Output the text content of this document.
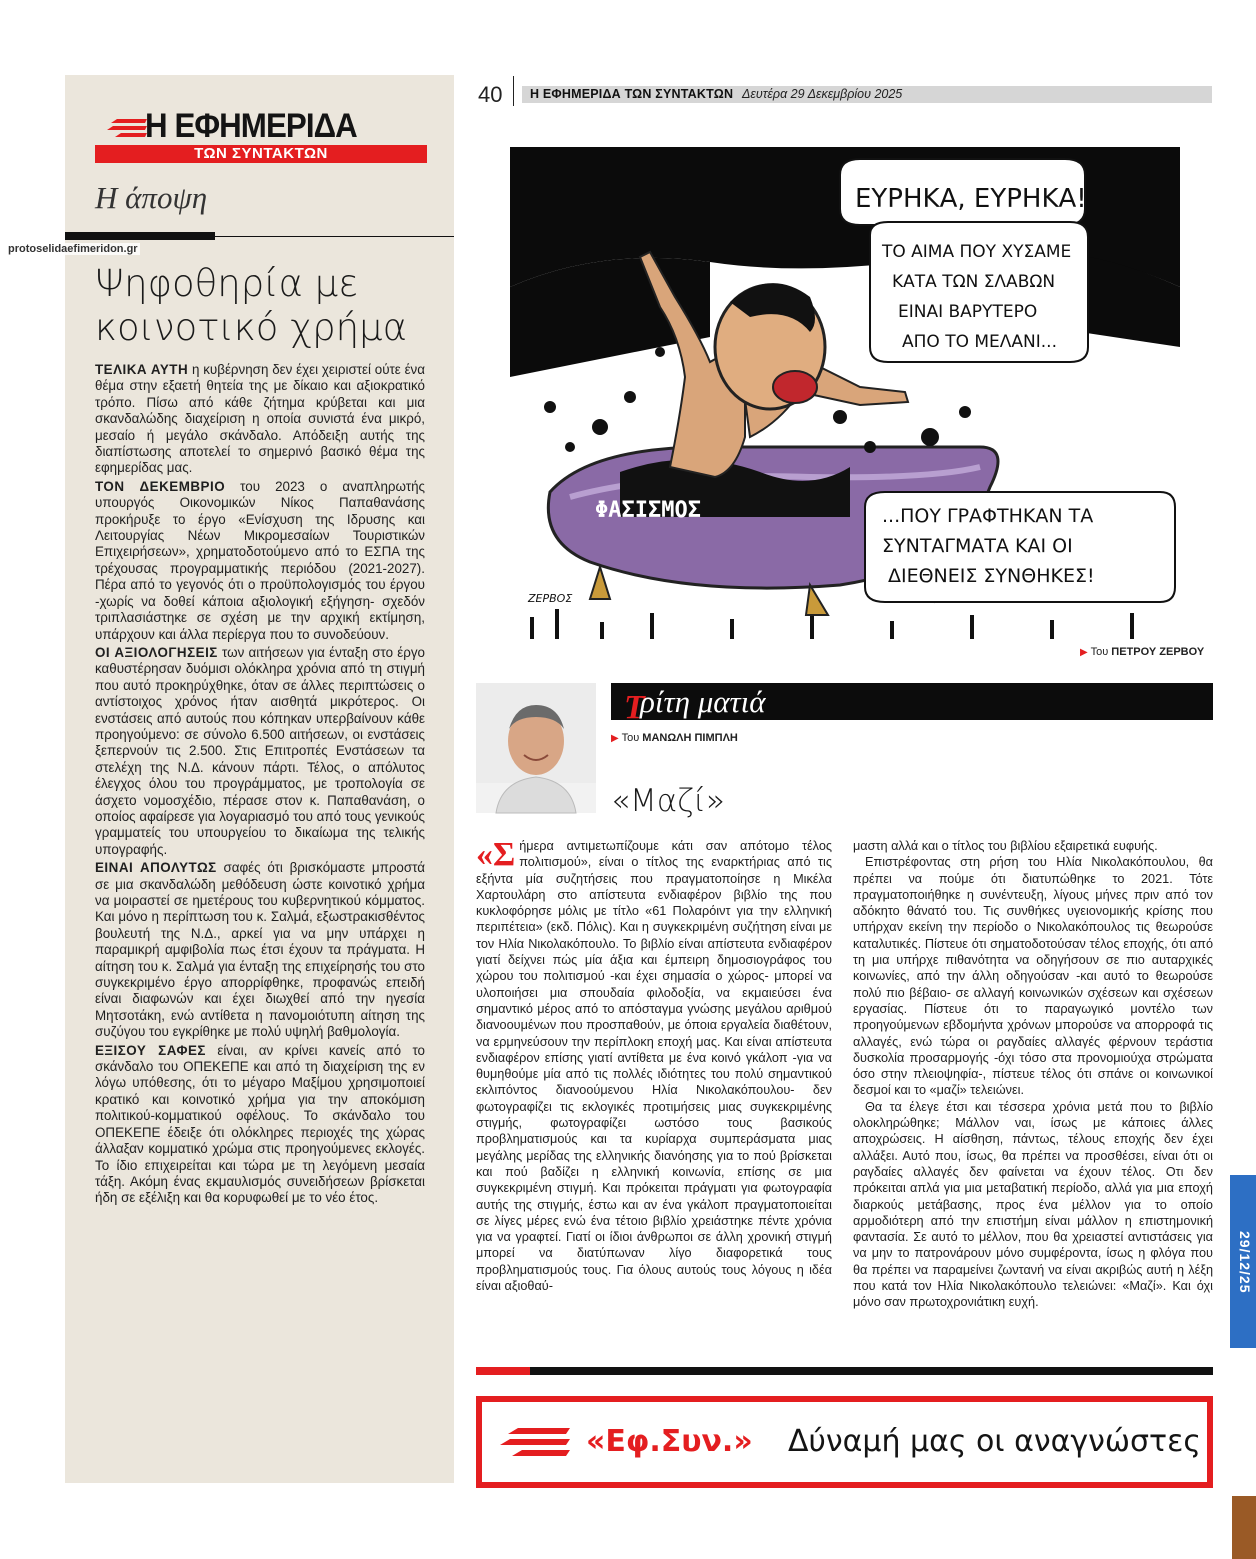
Η ΕΦΗΜΕΡΙΔΑ
ΤΩΝ ΣΥΝΤΑΚΤΩΝ
Η άποψη
Ψηφοθηρία με κοινοτικό χρήμα

ΤΕΛΙΚΑ ΑΥΤΗ η κυβέρνηση δεν έχει χειριστεί ούτε ένα θέμα στην εξαετή θητεία της με δίκαιο και αξιοκρατικό τρόπο. Πίσω από κάθε ζήτημα κρύβεται και μια σκανδαλώδης διαχείριση η οποία συνιστά ένα μικρό, μεσαίο ή μεγάλο σκάνδαλο. Απόδειξη αυτής της διαπίστωσης αποτελεί το σημερινό βασικό θέμα της εφημερίδας μας.

ΤΟΝ ΔΕΚΕΜΒΡΙΟ του 2023 ο αναπληρωτής υπουργός Οικονομικών Νίκος Παπαθανάσης προκήρυξε το έργο «Ενίσχυση της Ιδρυσης και Λειτουργίας Νέων Μικρομεσαίων Τουριστικών Επιχειρήσεων», χρηματοδοτούμενο από το ΕΣΠΑ της τρέχουσας προγραμματικής περιόδου (2021-2027). Πέρα από το γεγονός ότι ο προϋπολογισμός του έργου -χωρίς να δοθεί κάποια αξιολογική εξήγηση- σχεδόν τριπλασιάστηκε σε σχέση με την αρχική εκτίμηση, υπάρχουν και άλλα περίεργα που το συνοδεύουν.

ΟΙ ΑΞΙΟΛΟΓΗΣΕΙΣ των αιτήσεων για ένταξη στο έργο καθυστέρησαν δυόμισι ολόκληρα χρόνια από τη στιγμή που αυτό προκηρύχθηκε, όταν σε άλλες περιπτώσεις ο αντίστοιχος χρόνος ήταν αισθητά μικρότερος. Οι ενστάσεις από αυτούς που κόπηκαν υπερβαίνουν κάθε προηγούμενο: σε σύνολο 6.500 αιτήσεων, οι ενστάσεις ξεπερνούν τις 2.500. Στις Επιτροπές Ενστάσεων τα στελέχη της Ν.Δ. κάνουν πάρτι. Τέλος, ο απόλυτος έλεγχος όλου του προγράμματος, με τροπολογία σε άσχετο νομοσχέδιο, πέρασε στον κ. Παπαθανάση, ο οποίος αφαίρεσε για λογαριασμό του από τους γενικούς γραμματείς του υπουργείου το δικαίωμα της τελικής υπογραφής.

ΕΙΝΑΙ ΑΠΟΛΥΤΩΣ σαφές ότι βρισκόμαστε μπροστά σε μια σκανδαλώδη μεθόδευση ώστε κοινοτικό χρήμα να μοιραστεί σε ημετέρους του κυβερνητικού κόμματος. Και μόνο η περίπτωση του κ. Σαλμά, εξωστρακισθέντος βουλευτή της Ν.Δ., αρκεί για να μην υπάρχει η παραμικρή αμφιβολία πως έτσι έχουν τα πράγματα. Η αίτηση του κ. Σαλμά για ένταξη της επιχείρησής του στο συγκεκριμένο έργο απορρίφθηκε, προφανώς επειδή είναι διαφωνών και έχει διωχθεί από την ηγεσία Μητσοτάκη, ενώ αντίθετα η πανομοιότυπη αίτηση της συζύγου του εγκρίθηκε με πολύ υψηλή βαθμολογία.

ΕΞΙΣΟΥ ΣΑΦΕΣ είναι, αν κρίνει κανείς από το σκάνδαλο του ΟΠΕΚΕΠΕ και από τη διαχείριση της εν λόγω υπόθεσης, ότι το μέγαρο Μαξίμου χρησιμοποιεί κρατικό και κοινοτικό χρήμα για την αποκόμιση πολιτικού-κομματικού οφέλους. Το σκάνδαλο του ΟΠΕΚΕΠΕ έδειξε ότι ολόκληρες περιοχές της χώρας άλλαξαν κομματικό χρώμα στις προηγούμενες εκλογές. Το ίδιο επιχειρείται και τώρα με τη λεγόμενη μεσαία τάξη. Ακόμη ένας εκμαυλισμός συνειδήσεων βρίσκεται ήδη σε εξέλιξη και θα κορυφωθεί με το νέο έτος.

protoselidaefimeridon.gr
40 Η ΕΦΗΜΕΡΙΔΑ ΤΩΝ ΣΥΝΤΑΚΤΩΝ Δευτέρα 29 Δεκεμβρίου 2025
ΦΑΣΙΣΜΟΣ
ΕΥΡΗΚΑ, ΕΥΡΗΚΑ!
ΤΟ ΑΙΜΑ ΠΟΥ ΧΥΣΑΜΕ ΚΑΤΑ ΤΩΝ ΣΛΑΒΩΝ ΕΙΝΑΙ ΒΑΡΥΤΕΡΟ ΑΠΟ ΤΟ ΜΕΛΑΝΙ...
...ΠΟΥ ΓΡΑΦΤΗΚΑΝ ΤΑ ΣΥΝΤΑΓΜΑΤΑ ΚΑΙ ΟΙ ΔΙΕΘΝΕΙΣ ΣΥΝΘΗΚΕΣ!
ΖΕΡΒΟΣ
▶ Του ΠΕΤΡΟΥ ΖΕΡΒΟΥ
Τ
ρίτη ματιά
▶ Του ΜΑΝΩΛΗ ΠΙΜΠΛΗ
«Μαζί»

«Σήμερα αντιμετωπίζουμε κάτι σαν απότομο τέλος πολιτισμού», είναι ο τίτλος της εναρκτήριας από τις εξήντα μία συζητήσεις που πραγματοποίησε η Μικέλα Χαρτουλάρη στο απίστευτα ενδιαφέρον βιβλίο της που κυκλοφόρησε μόλις με τίτλο «61 Πολαρόιντ για την ελληνική περιπέτεια» (εκδ. Πόλις). Και η συγκεκριμένη συζήτηση είναι με τον Ηλία Νικολακόπουλο. Το βιβλίο είναι απίστευτα ενδιαφέρον γιατί δείχνει πώς μία άξια και έμπειρη δημοσιογράφος του χώρου του πολιτισμού -και έχει σημασία ο χώρος- μπορεί να υλοποιήσει μια σπουδαία φιλοδοξία, να εκμαιεύσει ένα σημαντικό μέρος από το απόσταγμα γνώσης μεγάλου αριθμού διανοουμένων που προσπαθούν, με όποια εργαλεία διαθέτουν, να ερμηνεύσουν την περίπλοκη εποχή μας. Και είναι απίστευτα ενδιαφέρον επίσης γιατί αντίθετα με ένα κοινό γκάλοπ -για να θυμηθούμε μία από τις πολλές ιδιότητες του πολύ σημαντικού εκλιπόντος διανοούμενου Ηλία Νικολακόπουλου- δεν φωτογραφίζει τις εκλογικές προτιμήσεις μιας συγκεκριμένης στιγμής, φωτογραφίζει ωστόσο τους βασικούς προβληματισμούς και τα κυρίαρχα συμπεράσματα μιας μεγάλης μερίδας της ελληνικής διανόησης για το πού βρίσκεται και πού βαδίζει η ελληνική κοινωνία, επίσης σε μια συγκεκριμένη στιγμή. Και πρόκειται πράγματι για φωτογραφία αυτής της στιγμής, έστω και αν ένα γκάλοπ πραγματοποιείται σε λίγες μέρες ενώ ένα τέτοιο βιβλίο χρειάστηκε πέντε χρόνια για να γραφτεί. Γιατί οι ίδιοι άνθρωποι σε άλλη χρονική στιγμή μπορεί να διατύπωναν λίγο διαφορετικά τους προβληματισμούς τους. Για όλους αυτούς τους λόγους η ιδέα είναι αξιοθαύ-

μαστη αλλά και ο τίτλος του βιβλίου εξαιρετικά ευφυής.

Επιστρέφοντας στη ρήση του Ηλία Νικολακόπουλου, θα πρέπει να πούμε ότι διατυπώθηκε το 2021. Τότε πραγματοποιήθηκε η συνέντευξη, λίγους μήνες πριν από τον αδόκητο θάνατό του. Τις συνθήκες υγειονομικής κρίσης που υπήρχαν εκείνη την περίοδο ο Νικολακόπουλος τις θεωρούσε καταλυτικές. Πίστευε ότι σηματοδοτούσαν τέλος εποχής, ότι από τη μια υπήρχε πιθανότητα να οδηγήσουν σε πιο αυταρχικές κοινωνίες, από την άλλη οδηγούσαν -και αυτό το θεωρούσε πολύ πιο βέβαιο- σε αλλαγή κοινωνικών σχέσεων και σχέσεων εργασίας. Πίστευε ότι το παραγωγικό μοντέλο των προηγούμενων εβδομήντα χρόνων μπορούσε να απορροφά τις αλλαγές, ενώ τώρα οι ραγδαίες αλλαγές φέρνουν τεράστια δυσκολία προσαρμογής -όχι τόσο στα προνομιούχα στρώματα όσο στην πλειοψηφία-, πίστευε τέλος ότι σπάνε οι κοινωνικοί δεσμοί και το «μαζί» τελειώνει.

Θα τα έλεγε έτσι και τέσσερα χρόνια μετά που το βιβλίο ολοκληρώθηκε; Μάλλον ναι, ίσως με κάποιες άλλες αποχρώσεις. Η αίσθηση, πάντως, τέλους εποχής δεν έχει αλλάξει. Αυτό που, ίσως, θα πρέπει να προσθέσει, είναι ότι οι ραγδαίες αλλαγές δεν φαίνεται να έχουν τέλος. Οτι δεν πρόκειται απλά για μια μεταβατική περίοδο, αλλά για μια εποχή διαρκούς μετάβασης, προς ένα μέλλον για το οποίο αρμοδιότερη από την επιστήμη είναι μάλλον η επιστημονική φαντασία. Σε αυτό το μέλλον, που θα χρειαστεί αντιστάσεις για να μην το πατρονάρουν μόνο συμφέροντα, ίσως η φλόγα που θα πρέπει να παραμείνει ζωντανή να είναι ακριβώς αυτή η λέξη που κατά τον Ηλία Νικολακόπουλο τελειώνει: «Μαζί». Και όχι μόνο σαν πρωτοχρονιάτικη ευχή.

«Εφ.Συν.» Δύναμή μας οι αναγνώστες
29/12/25
